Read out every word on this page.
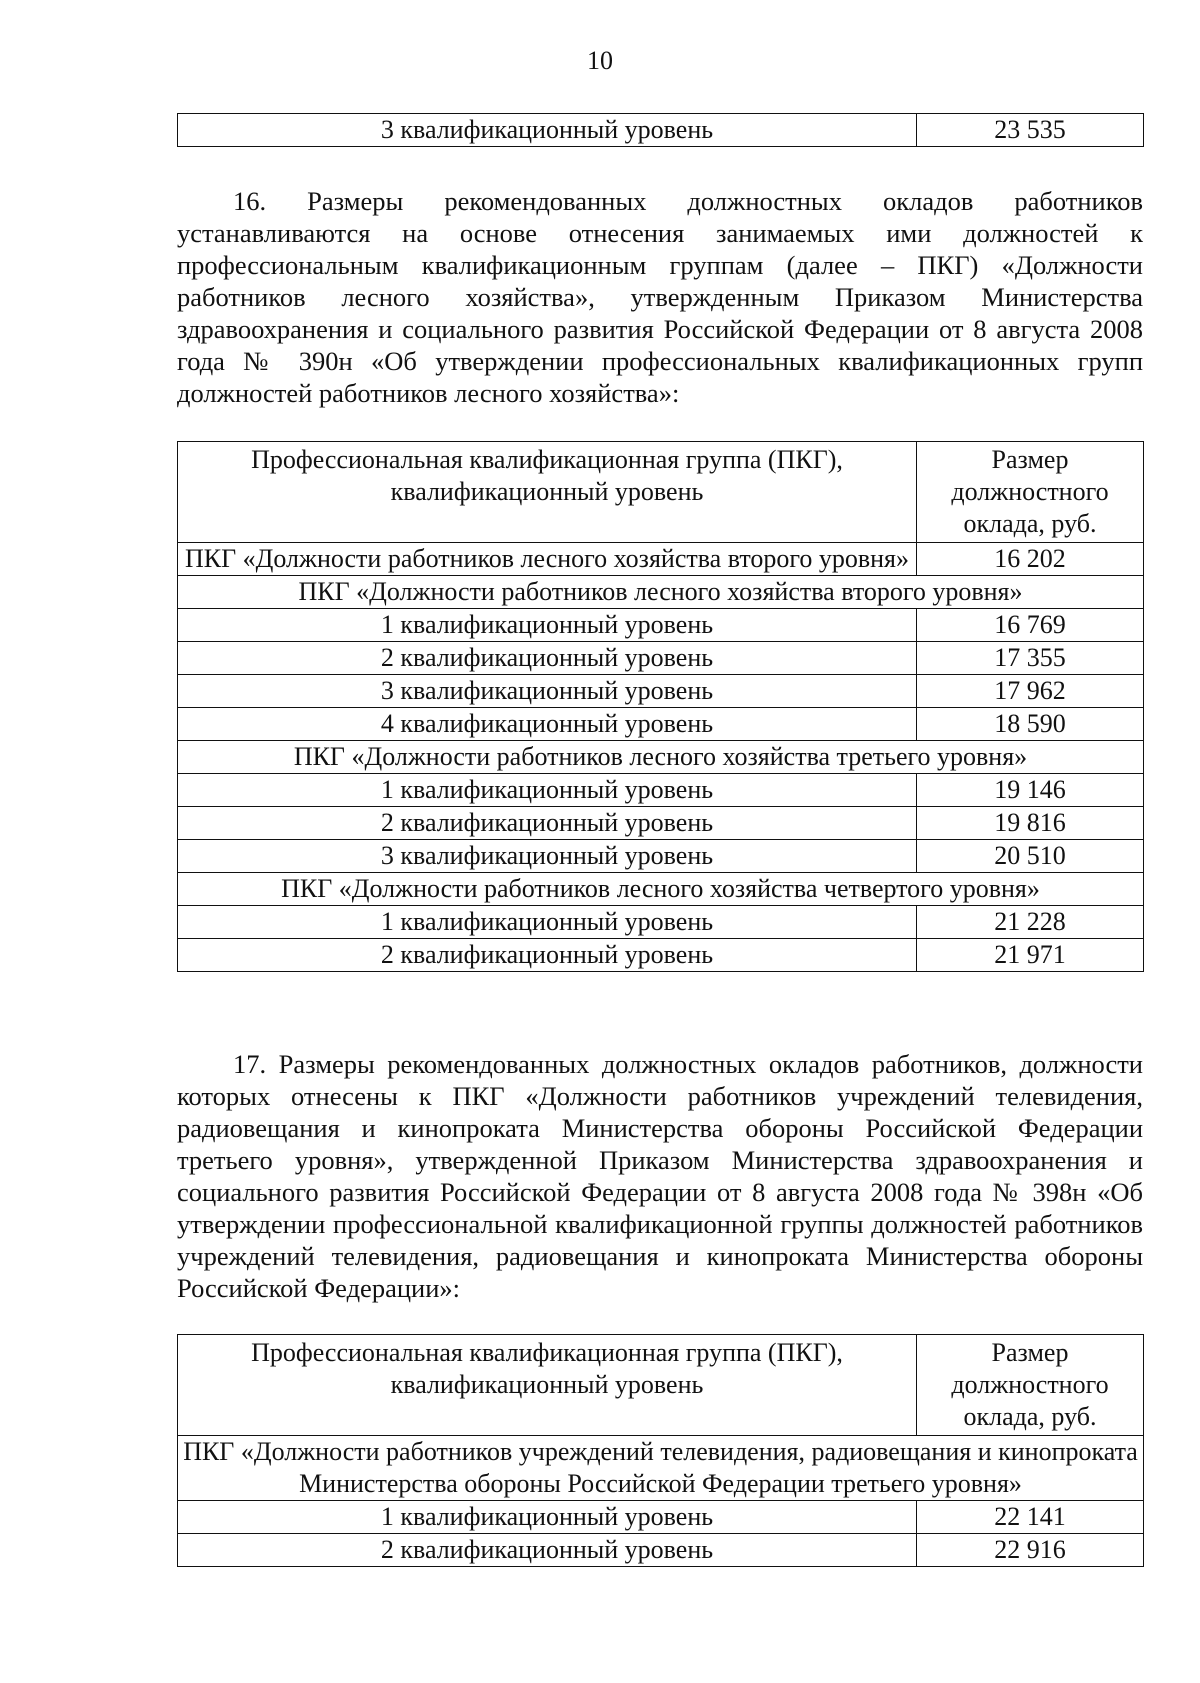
10
3 квалификационный уровень	23 535

16. Размеры рекомендованных должностных окладов работников устанавливаются на основе отнесения занимаемых ими должностей к профессиональным квалификационным группам (далее – ПКГ) «Должности работников лесного хозяйства», утвержденным Приказом Министерства здравоохранения и социального развития Российской Федерации от 8 августа 2008 года № 390н «Об утверждении профессиональных квалификационных групп должностей работников лесного хозяйства»:

Профессиональная квалификационная группа (ПКГ), квалификационный уровень	Размер должностного оклада, руб.
ПКГ «Должности работников лесного хозяйства второго уровня»	16 202
ПКГ «Должности работников лесного хозяйства второго уровня»	
1 квалификационный уровень	16 769
2 квалификационный уровень	17 355
3 квалификационный уровень	17 962
4 квалификационный уровень	18 590
ПКГ «Должности работников лесного хозяйства третьего уровня»	
1 квалификационный уровень	19 146
2 квалификационный уровень	19 816
3 квалификационный уровень	20 510
ПКГ «Должности работников лесного хозяйства четвертого уровня»	
1 квалификационный уровень	21 228
2 квалификационный уровень	21 971

17. Размеры рекомендованных должностных окладов работников, должности которых отнесены к ПКГ «Должности работников учреждений телевидения, радиовещания и кинопроката Министерства обороны Российской Федерации третьего уровня», утвержденной Приказом Министерства здравоохранения и социального развития Российской Федерации от 8 августа 2008 года № 398н «Об утверждении профессиональной квалификационной группы должностей работников учреждений телевидения, радиовещания и кинопроката Министерства обороны Российской Федерации»:

Профессиональная квалификационная группа (ПКГ), квалификационный уровень	Размер должностного оклада, руб.
ПКГ «Должности работников учреждений телевидения, радиовещания и кинопроката Министерства обороны Российской Федерации третьего уровня»	
1 квалификационный уровень	22 141
2 квалификационный уровень	22 916
